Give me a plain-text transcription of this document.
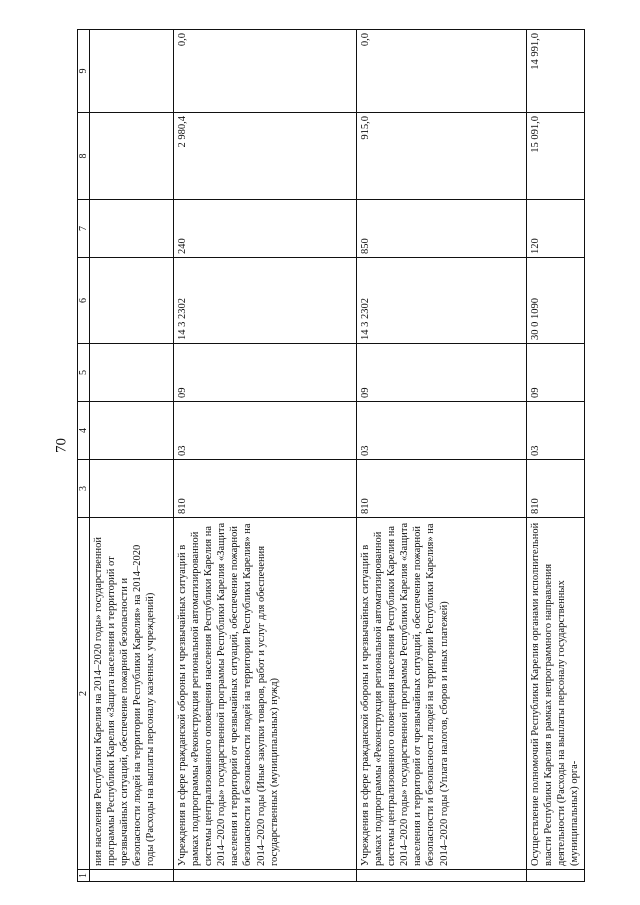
70
1	2	3	4	5	6	7	8	9
	ния населения Республики Карелия на 2014–2020 годы» государственной программы Республики Карелия «Защита населения и территорий от чрезвычайных ситуаций, обеспечение пожарной безопасности и безопасности людей на территории Республики Карелия» на 2014–2020 годы (Расходы на выплаты персоналу казенных учреждений)							
	Учреждения в сфере гражданской обороны и чрезвычайных ситуаций в рамках подпрограммы «Реконструкция региональной автоматизированной системы централизованного оповещения населения Республики Карелия на 2014–2020 годы» государственной программы Республики Карелия «Защита населения и территорий от чрезвычайных ситуаций, обеспечение пожарной безопасности и безопасности людей на территории Республики Карелия» на 2014–2020 годы (Иные закупки товаров, работ и услуг для обеспечения государственных (муниципальных) нужд)	810	03	09	14 3 2302	240	2 980,4	0,0
	Учреждения в сфере гражданской обороны и чрезвычайных ситуаций в рамках подпрограммы «Реконструкция региональной автоматизированной системы централизованного оповещения населения Республики Карелия на 2014–2020 годы» государственной программы Республики Карелия «Защита населения и территорий от чрезвычайных ситуаций, обеспечение пожарной безопасности и безопасности людей на территории Республики Карелия» на 2014–2020 годы (Уплата налогов, сборов и иных платежей)	810	03	09	14 3 2302	850	915,0	0,0
	Осуществление полномочий Республики Карелия органами исполнительной власти Республики Карелия в рамках непрограммного направления деятельности (Расходы на выплаты персоналу государственных (муниципальных) орга-	810	03	09	30 0 1090	120	15 091,0	14 991,0
